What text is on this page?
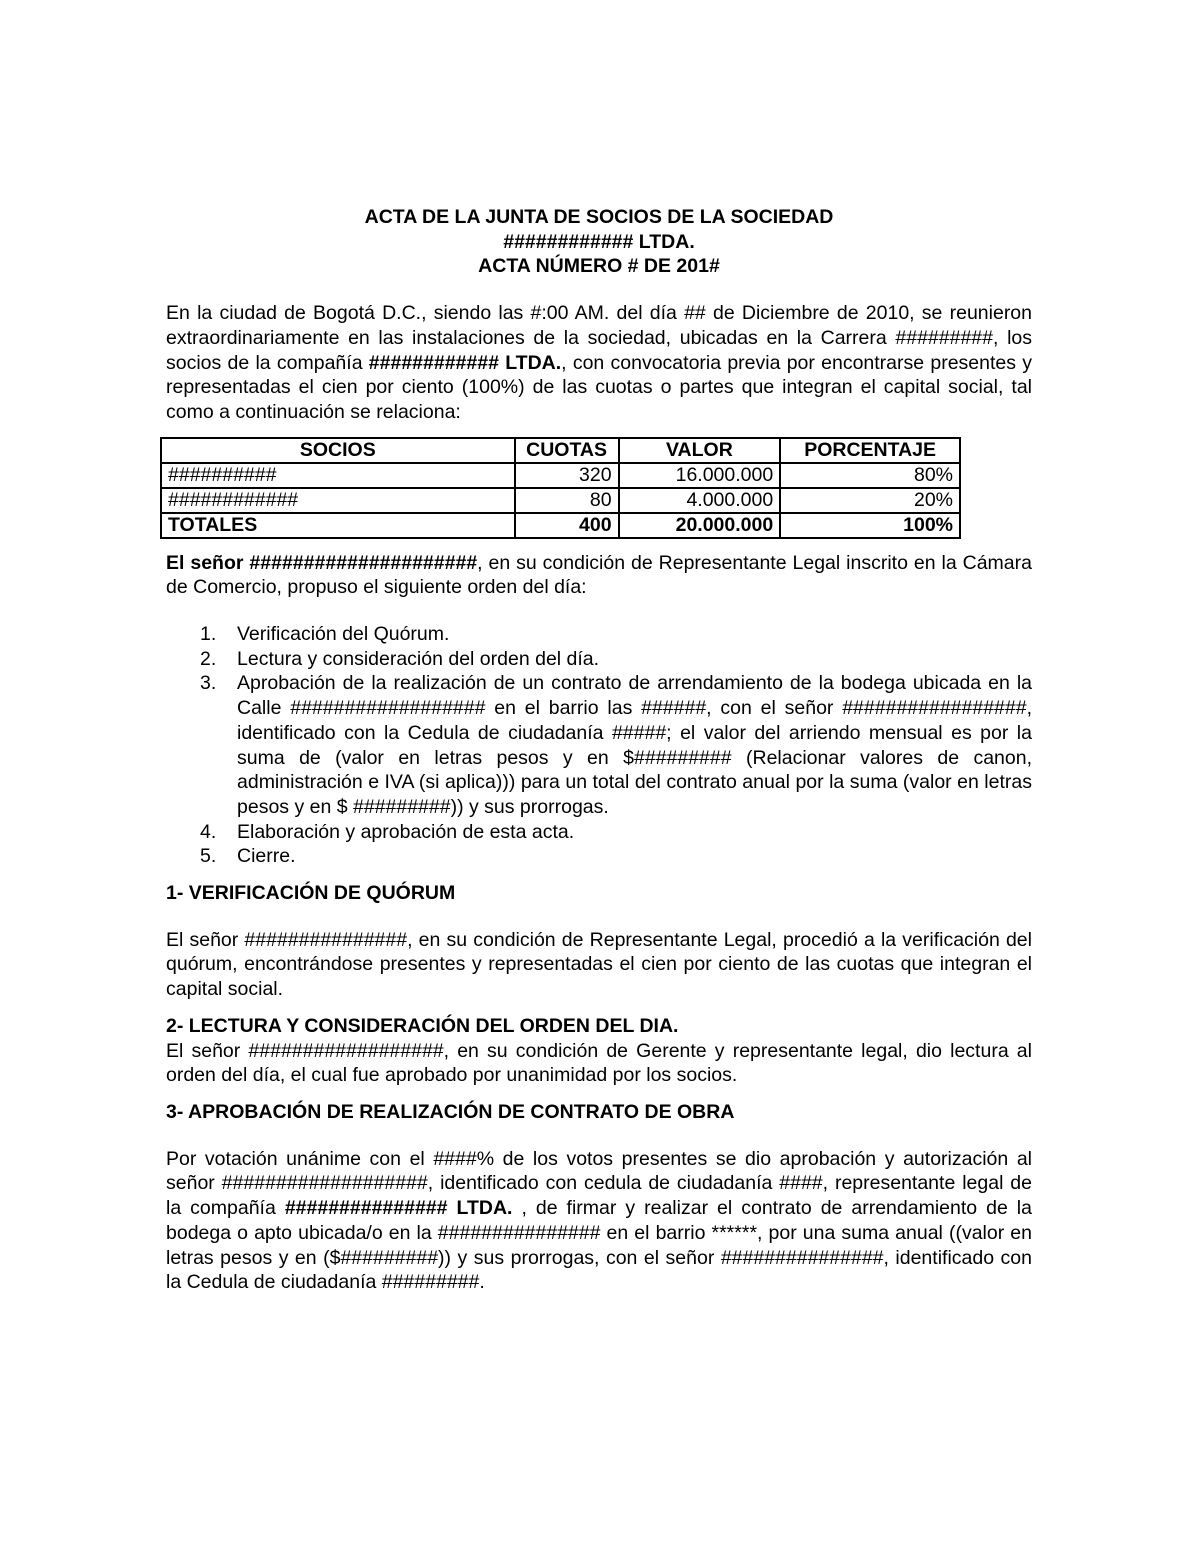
ACTA DE LA JUNTA DE SOCIOS DE LA SOCIEDAD
############ LTDA.
ACTA NÚMERO # DE 201#

En la ciudad de Bogotá D.C., siendo las #:00 AM. del día ## de Diciembre de 2010, se reunieron extraordinariamente en las instalaciones de la sociedad, ubicadas en la Carrera #########, los socios de la compañía ############ LTDA., con convocatoria previa por encontrarse presentes y representadas el cien por ciento (100%) de las cuotas o partes que integran el capital social, tal como a continuación se relaciona:

SOCIOS	CUOTAS	VALOR	PORCENTAJE
##########	320	16.000.000	80%
############	80	4.000.000	20%
TOTALES	400	20.000.000	100%

El señor #####################, en su condición de Representante Legal inscrito en la Cámara de Comercio, propuso el siguiente orden del día:

1. Verificación del Quórum.
2. Lectura y consideración del orden del día.
3. Aprobación de la realización de un contrato de arrendamiento de la bodega ubicada en la Calle ################## en el barrio las ######, con el señor #################, identificado con la Cedula de ciudadanía #####; el valor del arriendo mensual es por la suma de (valor en letras pesos y en $######### (Relacionar valores de canon, administración e IVA (si aplica))) para un total del contrato anual por la suma (valor en letras pesos y en $ #########)) y sus prorrogas.
4. Elaboración y aprobación de esta acta.
5. Cierre.
1- VERIFICACIÓN DE QUÓRUM

El señor ###############, en su condición de Representante Legal, procedió a la verificación del quórum, encontrándose presentes y representadas el cien por ciento de las cuotas que integran el capital social.

2- LECTURA Y CONSIDERACIÓN DEL ORDEN DEL DIA.

El señor ##################, en su condición de Gerente y representante legal, dio lectura al orden del día, el cual fue aprobado por unanimidad por los socios.

3- APROBACIÓN DE REALIZACIÓN DE CONTRATO DE OBRA

Por votación unánime con el ####% de los votos presentes se dio aprobación y autorización al señor ###################, identificado con cedula de ciudadanía ####, representante legal de la compañía ############### LTDA. , de firmar y realizar el contrato de arrendamiento de la bodega o apto ubicada/o en la ############### en el barrio ******, por una suma anual ((valor en letras pesos y en ($#########)) y sus prorrogas, con el señor ###############, identificado con la Cedula de ciudadanía #########.
